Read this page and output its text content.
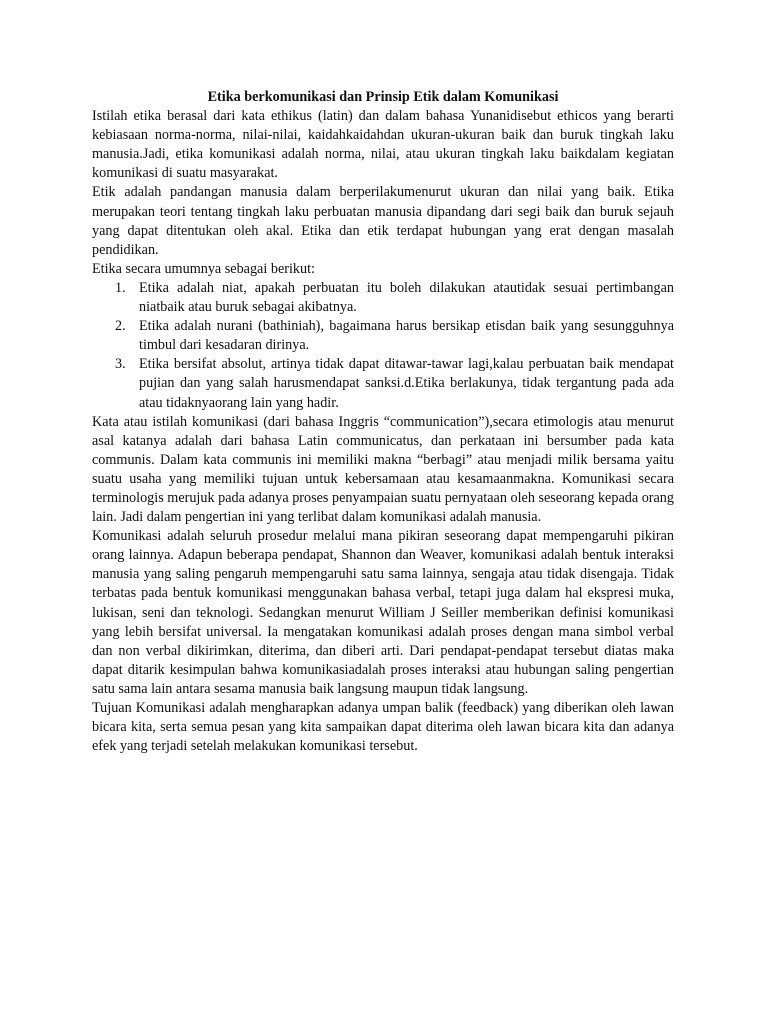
Etika berkomunikasi dan Prinsip Etik dalam Komunikasi

Istilah etika berasal dari kata ethikus (latin) dan dalam bahasa Yunanidisebut ethicos yang berarti kebiasaan norma-norma, nilai-nilai, kaidahkaidahdan ukuran-ukuran baik dan buruk tingkah laku manusia.Jadi, etika komunikasi adalah norma, nilai, atau ukuran tingkah laku baikdalam kegiatan komunikasi di suatu masyarakat.

Etik adalah pandangan manusia dalam berperilakumenurut ukuran dan nilai yang baik. Etika merupakan teori tentang tingkah laku perbuatan manusia dipandang dari segi baik dan buruk sejauh yang dapat ditentukan oleh akal. Etika dan etik terdapat hubungan yang erat dengan masalah pendidikan.

Etika secara umumnya sebagai berikut:

1. Etika adalah niat, apakah perbuatan itu boleh dilakukan atautidak sesuai pertimbangan niatbaik atau buruk sebagai akibatnya.
2. Etika adalah nurani (bathiniah), bagaimana harus bersikap etisdan baik yang sesungguhnya timbul dari kesadaran dirinya.
3. Etika bersifat absolut, artinya tidak dapat ditawar-tawar lagi,kalau perbuatan baik mendapat pujian dan yang salah harusmendapat sanksi.d.Etika berlakunya, tidak tergantung pada ada atau tidaknyaorang lain yang hadir.

Kata atau istilah komunikasi (dari bahasa Inggris “communication”),secara etimologis atau menurut asal katanya adalah dari bahasa Latin communicatus, dan perkataan ini bersumber pada kata communis. Dalam kata communis ini memiliki makna “berbagi” atau menjadi milik bersama yaitu suatu usaha yang memiliki tujuan untuk kebersamaan atau kesamaanmakna. Komunikasi secara terminologis merujuk pada adanya proses penyampaian suatu pernyataan oleh seseorang kepada orang lain. Jadi dalam pengertian ini yang terlibat dalam komunikasi adalah manusia.

Komunikasi adalah seluruh prosedur melalui mana pikiran seseorang dapat mempengaruhi pikiran orang lainnya. Adapun beberapa pendapat, Shannon dan Weaver, komunikasi adalah bentuk interaksi manusia yang saling pengaruh mempengaruhi satu sama lainnya, sengaja atau tidak disengaja. Tidak terbatas pada bentuk komunikasi menggunakan bahasa verbal, tetapi juga dalam hal ekspresi muka, lukisan, seni dan teknologi. Sedangkan menurut William J Seiller memberikan definisi komunikasi yang lebih bersifat universal. Ia mengatakan komunikasi adalah proses dengan mana simbol verbal dan non verbal dikirimkan, diterima, dan diberi arti. Dari pendapat-pendapat tersebut diatas maka dapat ditarik kesimpulan bahwa komunikasiadalah proses interaksi atau hubungan saling pengertian satu sama lain antara sesama manusia baik langsung maupun tidak langsung.

Tujuan Komunikasi adalah mengharapkan adanya umpan balik (feedback) yang diberikan oleh lawan bicara kita, serta semua pesan yang kita sampaikan dapat diterima oleh lawan bicara kita dan adanya efek yang terjadi setelah melakukan komunikasi tersebut.
